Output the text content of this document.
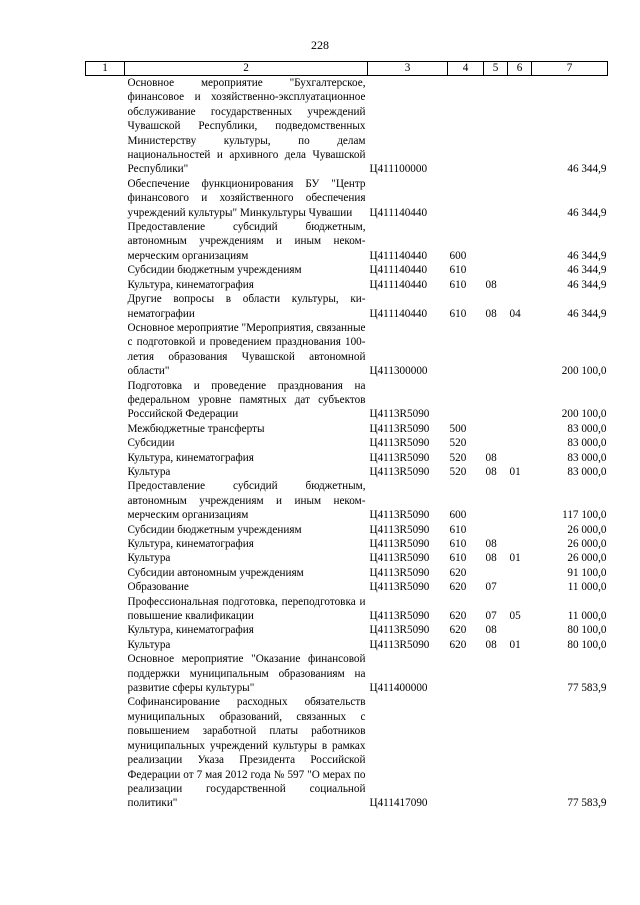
228
1	2	3	4	5	6	7
	Основное мероприятие "Бухгалтерское, финансовое и хозяйственно-эксплуатационное обслуживание государственных учреждений Чувашской Республики, подведомственных Министерству культуры, по делам национальностей и архивного дела Чувашской Республики"	Ц411100000				46 344,9
	Обеспечение функционирования БУ "Центр финансового и хозяйственного обеспечения учреждений культуры" Минкультуры Чувашии	Ц411140440				46 344,9
	Предоставление субсидий бюджетным, автономным учреждениям и иным некоммерческим организациям	Ц411140440	600			46 344,9
	Субсидии бюджетным учреждениям	Ц411140440	610			46 344,9
	Культура, кинематография	Ц411140440	610	08		46 344,9
	Другие вопросы в области культуры, кинематографии	Ц411140440	610	08	04	46 344,9
	Основное мероприятие "Мероприятия, связанные с подготовкой и проведением празднования 100-летия образования Чувашской автономной области"	Ц411300000				200 100,0
	Подготовка и проведение празднования на федеральном уровне памятных дат субъектов Российской Федерации	Ц4113R5090				200 100,0
	Межбюджетные трансферты	Ц4113R5090	500			83 000,0
	Субсидии	Ц4113R5090	520			83 000,0
	Культура, кинематография	Ц4113R5090	520	08		83 000,0
	Культура	Ц4113R5090	520	08	01	83 000,0
	Предоставление субсидий бюджетным, автономным учреждениям и иным некоммерческим организациям	Ц4113R5090	600			117 100,0
	Субсидии бюджетным учреждениям	Ц4113R5090	610			26 000,0
	Культура, кинематография	Ц4113R5090	610	08		26 000,0
	Культура	Ц4113R5090	610	08	01	26 000,0
	Субсидии автономным учреждениям	Ц4113R5090	620			91 100,0
	Образование	Ц4113R5090	620	07		11 000,0
	Профессиональная подготовка, переподготовка и повышение квалификации	Ц4113R5090	620	07	05	11 000,0
	Культура, кинематография	Ц4113R5090	620	08		80 100,0
	Культура	Ц4113R5090	620	08	01	80 100,0
	Основное мероприятие "Оказание финансовой поддержки муниципальным образованиям на развитие сферы культуры"	Ц411400000				77 583,9
	Софинансирование расходных обязательств муниципальных образований, связанных с повышением заработной платы работников муниципальных учреждений культуры в рамках реализации Указа Президента Российской Федерации от 7 мая 2012 года № 597 "О мерах по реализации государственной социальной политики"	Ц411417090				77 583,9
